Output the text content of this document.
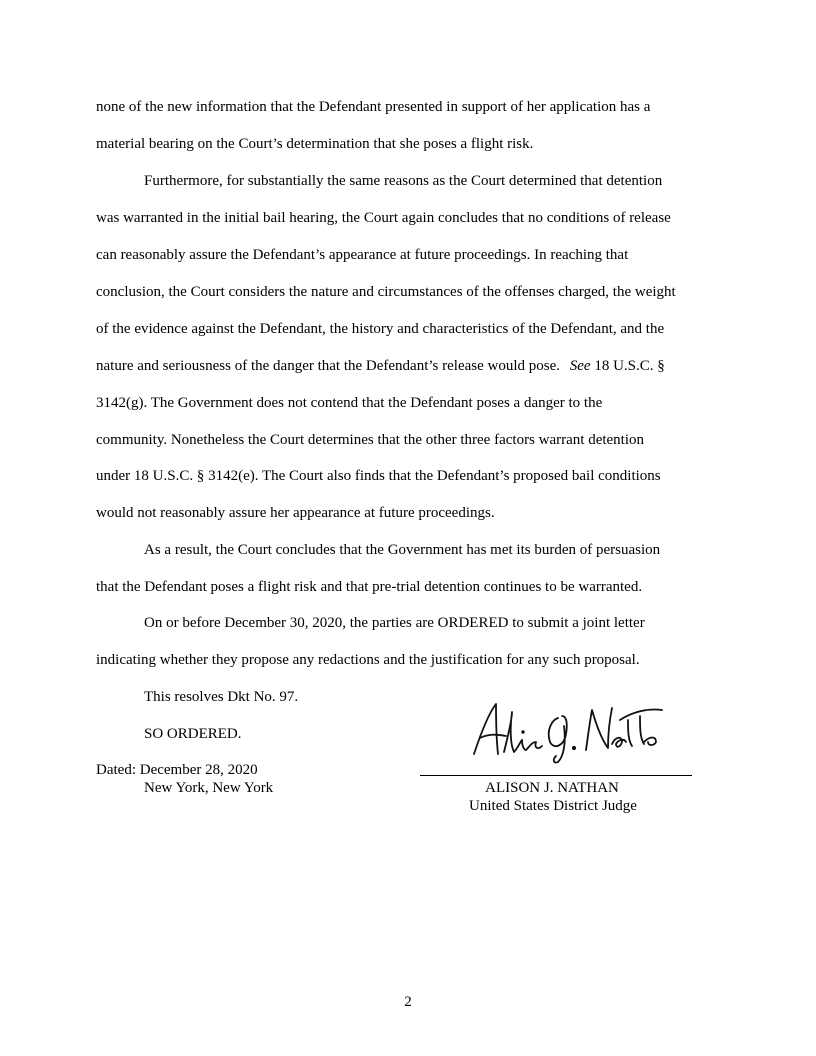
none of the new information that the Defendant presented in support of her application has a
material bearing on the Court’s determination that she poses a flight risk.
Furthermore, for substantially the same reasons as the Court determined that detention
was warranted in the initial bail hearing, the Court again concludes that no conditions of release
can reasonably assure the Defendant’s appearance at future proceedings. In reaching that
conclusion, the Court considers the nature and circumstances of the offenses charged, the weight
of the evidence against the Defendant, the history and characteristics of the Defendant, and the
nature and seriousness of the danger that the Defendant’s release would pose. See 18 U.S.C. §
3142(g). The Government does not contend that the Defendant poses a danger to the
community. Nonetheless the Court determines that the other three factors warrant detention
under 18 U.S.C. § 3142(e). The Court also finds that the Defendant’s proposed bail conditions
would not reasonably assure her appearance at future proceedings.
As a result, the Court concludes that the Government has met its burden of persuasion
that the Defendant poses a flight risk and that pre-trial detention continues to be warranted.
On or before December 30, 2020, the parties are ORDERED to submit a joint letter
indicating whether they propose any redactions and the justification for any such proposal.
This resolves Dkt No. 97.
SO ORDERED.
Dated: December 28, 2020
New York, New York	ALISON J. NATHAN
United States District Judge
2
